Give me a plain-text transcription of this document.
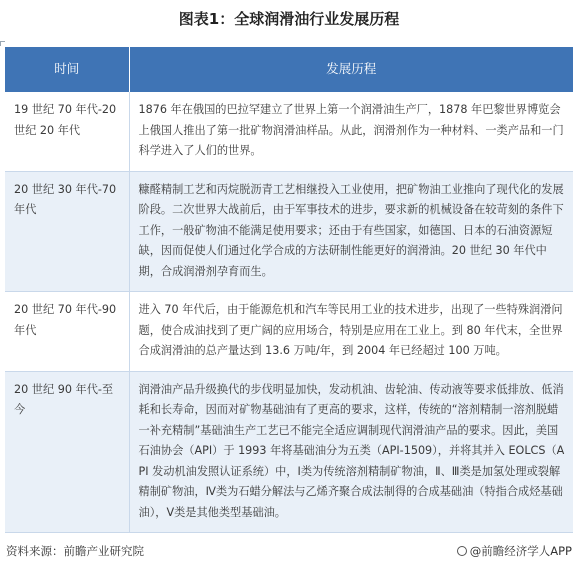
图表1：全球润滑油行业发展历程
时间	发展历程
19 世纪 70 年代-20 世纪 20 年代	1876 年在俄国的巴拉罕建立了世界上第一个润滑油生产厂，1878 年巴黎世界博览会上俄国人推出了第一批矿物润滑油样品。从此，润滑剂作为一种材料、一类产品和一门科学进入了人们的世界。
20 世纪 30 年代-70 年代	糠醛精制工艺和丙烷脱沥青工艺相继投入工业使用，把矿物油工业推向了现代化的发展阶段。二次世界大战前后，由于军事技术的进步，要求新的机械设备在较苛刻的条件下工作，一般矿物油不能满足使用要求；还由于有些国家，如德国、日本的石油资源短缺，因而促使人们通过化学合成的方法研制性能更好的润滑油。20 世纪 30 年代中期，合成润滑剂孕育而生。
20 世纪 70 年代-90 年代	进入 70 年代后，由于能源危机和汽车等民用工业的技术进步，出现了一些特殊润滑问题，使合成油找到了更广阔的应用场合，特别是应用在工业上。到 80 年代末，全世界合成润滑油的总产量达到 13.6 万吨/年，到 2004 年已经超过 100 万吨。
20 世纪 90 年代-至今	润滑油产品升级换代的步伐明显加快，发动机油、齿轮油、传动液等要求低排放、低消耗和长寿命，因而对矿物基础油有了更高的要求，这样，传统的“溶剂精制一溶剂脱蜡一补充精制”基础油生产工艺已不能完全适应调制现代润滑油产品的要求。因此，美国石油协会（API）于 1993 年将基础油分为五类（API-1509），并将其并入 EOLCS（API 发动机油发照认证系统）中，Ⅰ类为传统溶剂精制矿物油，Ⅱ、Ⅲ类是加氢处理或裂解精制矿物油，Ⅳ类为石蜡分解法与乙烯齐聚合成法制得的合成基础油（特指合成烃基础油），Ⅴ类是其他类型基础油。
资料来源：前瞻产业研究院	@前瞻经济学人APP
